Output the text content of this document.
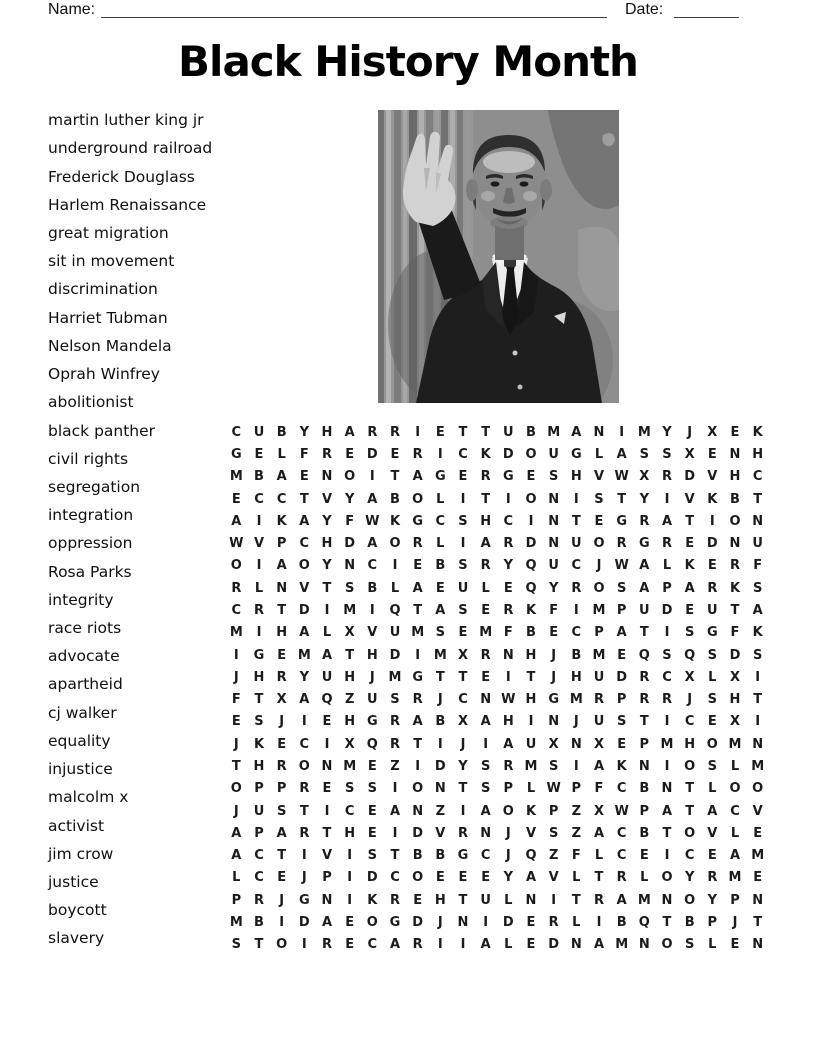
Name:	Date:
Black History Month
martin luther king jr
underground railroad
Frederick Douglass
Harlem Renaissance
great migration
sit in movement
discrimination
Harriet Tubman
Nelson Mandela
Oprah Winfrey
abolitionist
black panther
civil rights
segregation
integration
oppression
Rosa Parks
integrity
race riots
advocate
apartheid
cj walker
equality
injustice
malcolm x
activist
jim crow
justice
boycott
slavery
C U B	Y H A R R	I	E	T	T U B M A N	I	M Y	J	X	E	K
G E	L	F	R	E D E	R	I	C K D O U G	L	A S	S X	E N H
M B A	E N O	I	T	A G E	R G E	S H V W X R D V H C
E	C	C	T	V Y A B O L	I	T	I	O N	I	S	T	Y	I	V K B	T
A	I	K A Y	F W K G C	S H C	I	N T	E G R A	T	I	O N
W V P	C H D A O R	L	I	A R D N U O R G R	E D N U
O	I	A O Y N C	I	E	B	S R Y Q U C	J	W A	L	K	E	R	F
R	L	N V	T	S	B	L	A	E U	L	E Q Y R O S A P A R K S
C R	T D	I	M	I	Q T	A S	E	R K	F	I	M P U D E U T	A
M	I	H A	L	X V U M S	E M F	B	E	C	P A	T	I	S G F	K
I	G E M A	T H D	I	M X R N H	J	B M E Q S Q S D S
J	H R Y U H	J	M G T	T	E	I	T	J	H U D R C X	L	X	I
F	T	X A Q Z U S R	J	C N W H G M R P R R	J	S H T
E	S	J	I	E H G R A B X A H	I	N	J	U S	T	I	C	E	X	I
J	K	E	C	I	X Q R	T	I	J	I	A U X N X	E	P M H O M N
T H R O N M E	Z	I	D Y	S R M S	I	A K N	I	O S	L M
O P	P R	E	S	S	I	O N T	S	P	L W P	F	C B N T	L O O
J	U S	T	I	C	E	A N Z	I	A O K P	Z X W P A	T	A C V
A P A R	T H E	I	D V R N	J	V S	Z A C B	T O V	L	E
A C	T	I	V	I	S	T	B B G C	J	Q Z	F	L	C	E	I	C	E	A M
L	C	E	J	P	I	D C O E	E	E	Y A V	L	T	R	L O Y R M E
P R	J	G N	I	K R	E H T U	L	N	I	T	R A M N O Y	P N
M B	I	D A	E O G D	J	N	I	D E	R	L	I	B Q T	B P	J	T
S	T O	I	R	E	C A R	I	I	A	L	E D N A M N O S	L	E N
